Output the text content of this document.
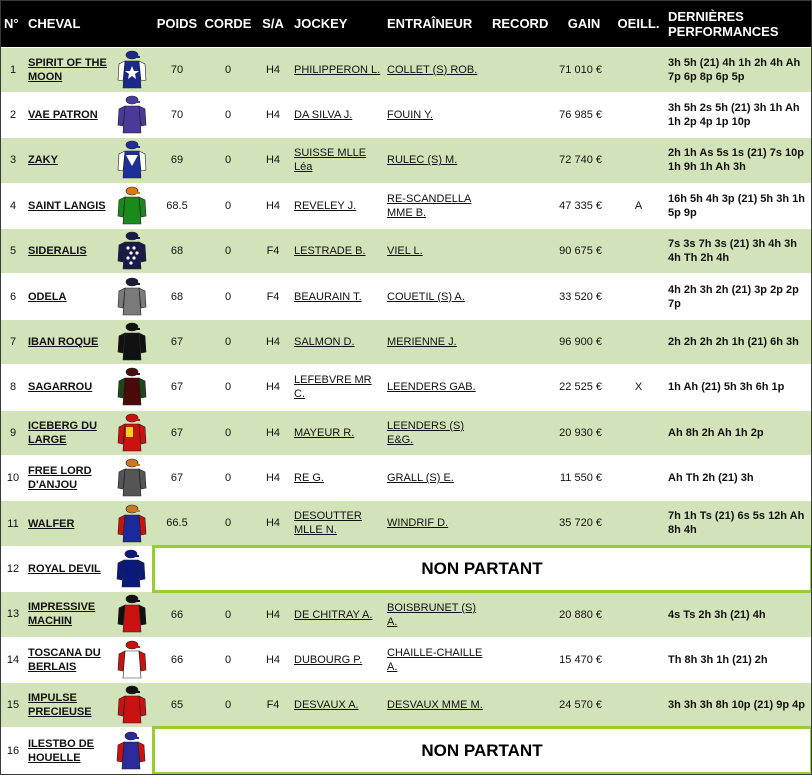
N°	CHEVAL		POIDS	CORDE	S/A	JOCKEY	ENTRAÎNEUR	RECORD	GAIN	OEILL.	DERNIÈRES PERFORMANCES
1	SPIRIT OF THE MOON		70	0	H4	PHILIPPERON L.	COLLET (S) ROB.		71 010 €		3h 5h (21) 4h 1h 2h 4h Ah 7p 6p 8p 6p 5p
2	VAE PATRON		70	0	H4	DA SILVA J.	FOUIN Y.		76 985 €		3h 5h 2s 5h (21) 3h 1h Ah 1h 2p 4p 1p 10p
3	ZAKY		69	0	H4	SUISSE MLLE Léa	RULEC (S) M.		72 740 €		2h 1h As 5s 1s (21) 7s 10p 1h 9h 1h Ah 3h
4	SAINT LANGIS		68.5	0	H4	REVELEY J.	RE-SCANDELLA MME B.		47 335 €	A	16h 5h 4h 3p (21) 5h 3h 1h 5p 9p
5	SIDERALIS		68	0	F4	LESTRADE B.	VIEL L.		90 675 €		7s 3s 7h 3s (21) 3h 4h 3h 4h Th 2h 4h
6	ODELA		68	0	F4	BEAURAIN T.	COUETIL (S) A.		33 520 €		4h 2h 3h 2h (21) 3p 2p 2p 7p
7	IBAN ROQUE		67	0	H4	SALMON D.	MERIENNE J.		96 900 €		2h 2h 2h 2h 1h (21) 6h 3h
8	SAGARROU		67	0	H4	LEFEBVRE MR C.	LEENDERS GAB.		22 525 €	X	1h Ah (21) 5h 3h 6h 1p
9	ICEBERG DU LARGE		67	0	H4	MAYEUR R.	LEENDERS (S) E&G.		20 930 €		Ah 8h 2h Ah 1h 2p
10	FREE LORD D'ANJOU		67	0	H4	RE G.	GRALL (S) E.		11 550 €		Ah Th 2h (21) 3h
11	WALFER		66.5	0	H4	DESOUTTER MLLE N.	WINDRIF D.		35 720 €		7h 1h Ts (21) 6s 5s 12h Ah 8h 4h
12	ROYAL DEVIL		NON PARTANT								
13	IMPRESSIVE MACHIN		66	0	H4	DE CHITRAY A.	BOISBRUNET (S) A.		20 880 €		4s Ts 2h 3h (21) 4h
14	TOSCANA DU BERLAIS		66	0	H4	DUBOURG P.	CHAILLE-CHAILLE A.		15 470 €		Th 8h 3h 1h (21) 2h
15	IMPULSE PRECIEUSE		65	0	F4	DESVAUX A.	DESVAUX MME M.		24 570 €		3h 3h 3h 8h 10p (21) 9p 4p
16	ILESTBO DE HOUELLE		NON PARTANT								
